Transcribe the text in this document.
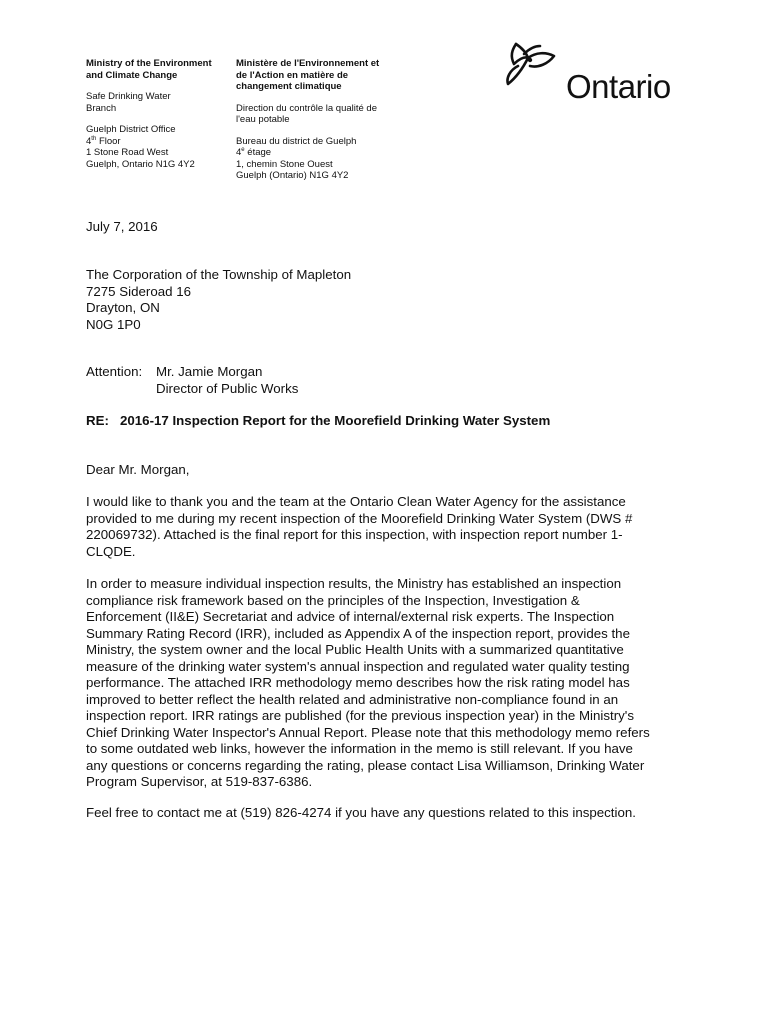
Ministry of the Environment
and Climate Change
Safe Drinking Water
Branch
Guelph District Office
4th Floor
1 Stone Road West
Guelph, Ontario N1G 4Y2
Ministère de l'Environnement et
de l'Action en matière de
changement climatique
Direction du contrôle la qualité de
l'eau potable
Bureau du district de Guelph
4e étage
1, chemin Stone Ouest
Guelph (Ontario) N1G 4Y2
Ontario
July 7, 2016
The Corporation of the Township of Mapleton
7275 Sideroad 16
Drayton, ON
N0G 1P0
Attention: Mr. Jamie Morgan
Director of Public Works
RE: 2016-17 Inspection Report for the Moorefield Drinking Water System
Dear Mr. Morgan,
I would like to thank you and the team at the Ontario Clean Water Agency for the assistance
provided to me during my recent inspection of the Moorefield Drinking Water System (DWS #
220069732). Attached is the final report for this inspection, with inspection report number 1-
CLQDE.
In order to measure individual inspection results, the Ministry has established an inspection
compliance risk framework based on the principles of the Inspection, Investigation &
Enforcement (II&E) Secretariat and advice of internal/external risk experts. The Inspection
Summary Rating Record (IRR), included as Appendix A of the inspection report, provides the
Ministry, the system owner and the local Public Health Units with a summarized quantitative
measure of the drinking water system's annual inspection and regulated water quality testing
performance. The attached IRR methodology memo describes how the risk rating model has
improved to better reflect the health related and administrative non-compliance found in an
inspection report. IRR ratings are published (for the previous inspection year) in the Ministry's
Chief Drinking Water Inspector's Annual Report. Please note that this methodology memo refers
to some outdated web links, however the information in the memo is still relevant. If you have
any questions or concerns regarding the rating, please contact Lisa Williamson, Drinking Water
Program Supervisor, at 519-837-6386.
Feel free to contact me at (519) 826-4274 if you have any questions related to this inspection.
